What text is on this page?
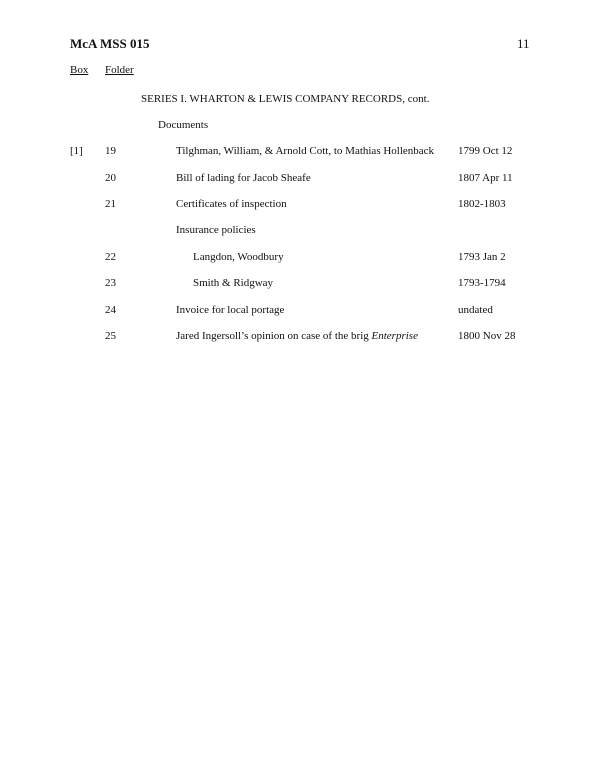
McA MSS 015	11
Box Folder
SERIES I. WHARTON & LEWIS COMPANY RECORDS, cont.
Documents
[1] 19	Tilghman, William, & Arnold Cott, to Mathias Hollenback 1799 Oct 12
20	Bill of lading for Jacob Sheafe	1807 Apr 11
21	Certificates of inspection	1802-1803
Insurance policies
22	Langdon, Woodbury	1793 Jan 2
23	Smith & Ridgway	1793-1794
24	Invoice for local portage	undated
25	Jared Ingersoll’s opinion on case of the brig Enterprise	1800 Nov 28
